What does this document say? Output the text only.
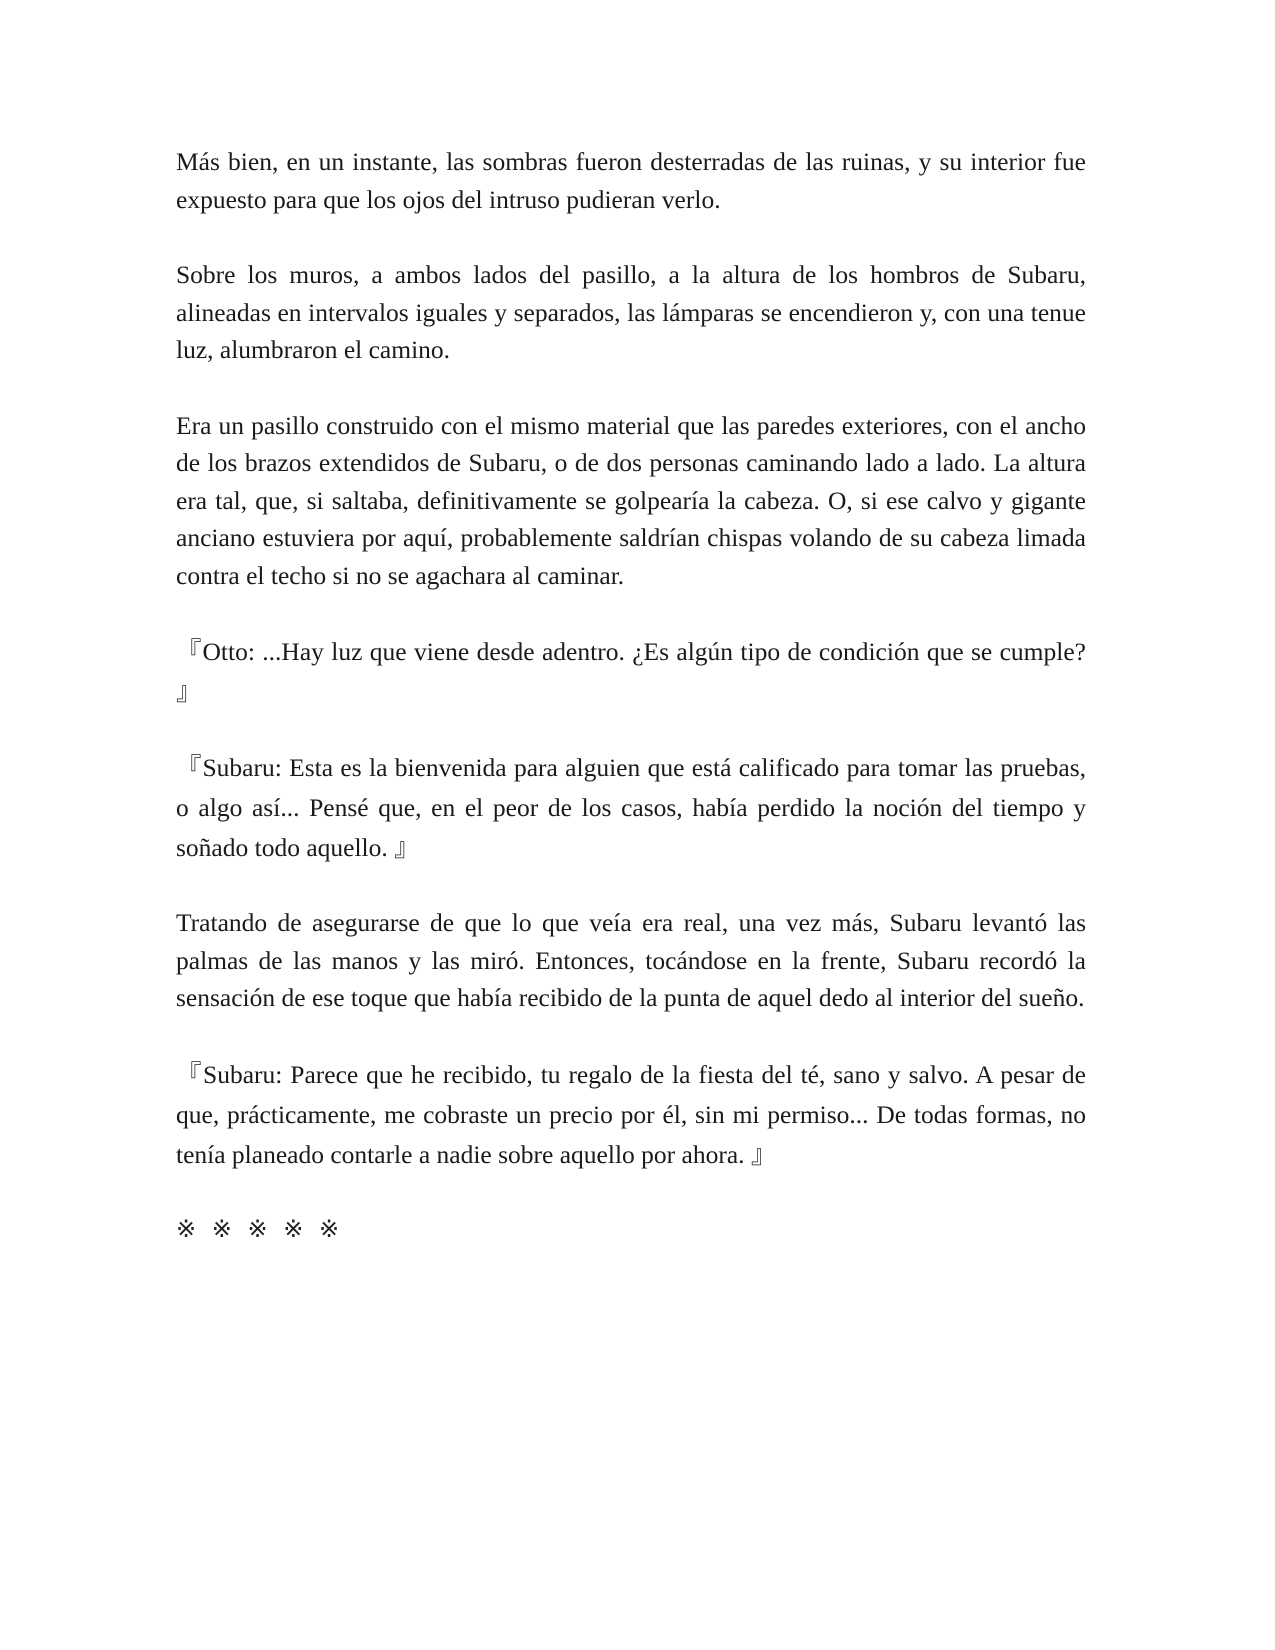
Más bien, en un instante, las sombras fueron desterradas de las ruinas, y su interior fue expuesto para que los ojos del intruso pudieran verlo.

Sobre los muros, a ambos lados del pasillo, a la altura de los hombros de Subaru, alineadas en intervalos iguales y separados, las lámparas se encendieron y, con una tenue luz, alumbraron el camino.

Era un pasillo construido con el mismo material que las paredes exteriores, con el ancho de los brazos extendidos de Subaru, o de dos personas caminando lado a lado. La altura era tal, que, si saltaba, definitivamente se golpearía la cabeza. O, si ese calvo y gigante anciano estuviera por aquí, probablemente saldrían chispas volando de su cabeza limada contra el techo si no se agachara al caminar.

『Otto: ...Hay luz que viene desde adentro. ¿Es algún tipo de condición que se cumple? 』

『Subaru: Esta es la bienvenida para alguien que está calificado para tomar las pruebas, o algo así... Pensé que, en el peor de los casos, había perdido la noción del tiempo y soñado todo aquello. 』

Tratando de asegurarse de que lo que veía era real, una vez más, Subaru levantó las palmas de las manos y las miró. Entonces, tocándose en la frente, Subaru recordó la sensación de ese toque que había recibido de la punta de aquel dedo al interior del sueño.

『Subaru: Parece que he recibido, tu regalo de la fiesta del té, sano y salvo. A pesar de que, prácticamente, me cobraste un precio por él, sin mi permiso... De todas formas, no tenía planeado contarle a nadie sobre aquello por ahora. 』

※ ※ ※ ※ ※
